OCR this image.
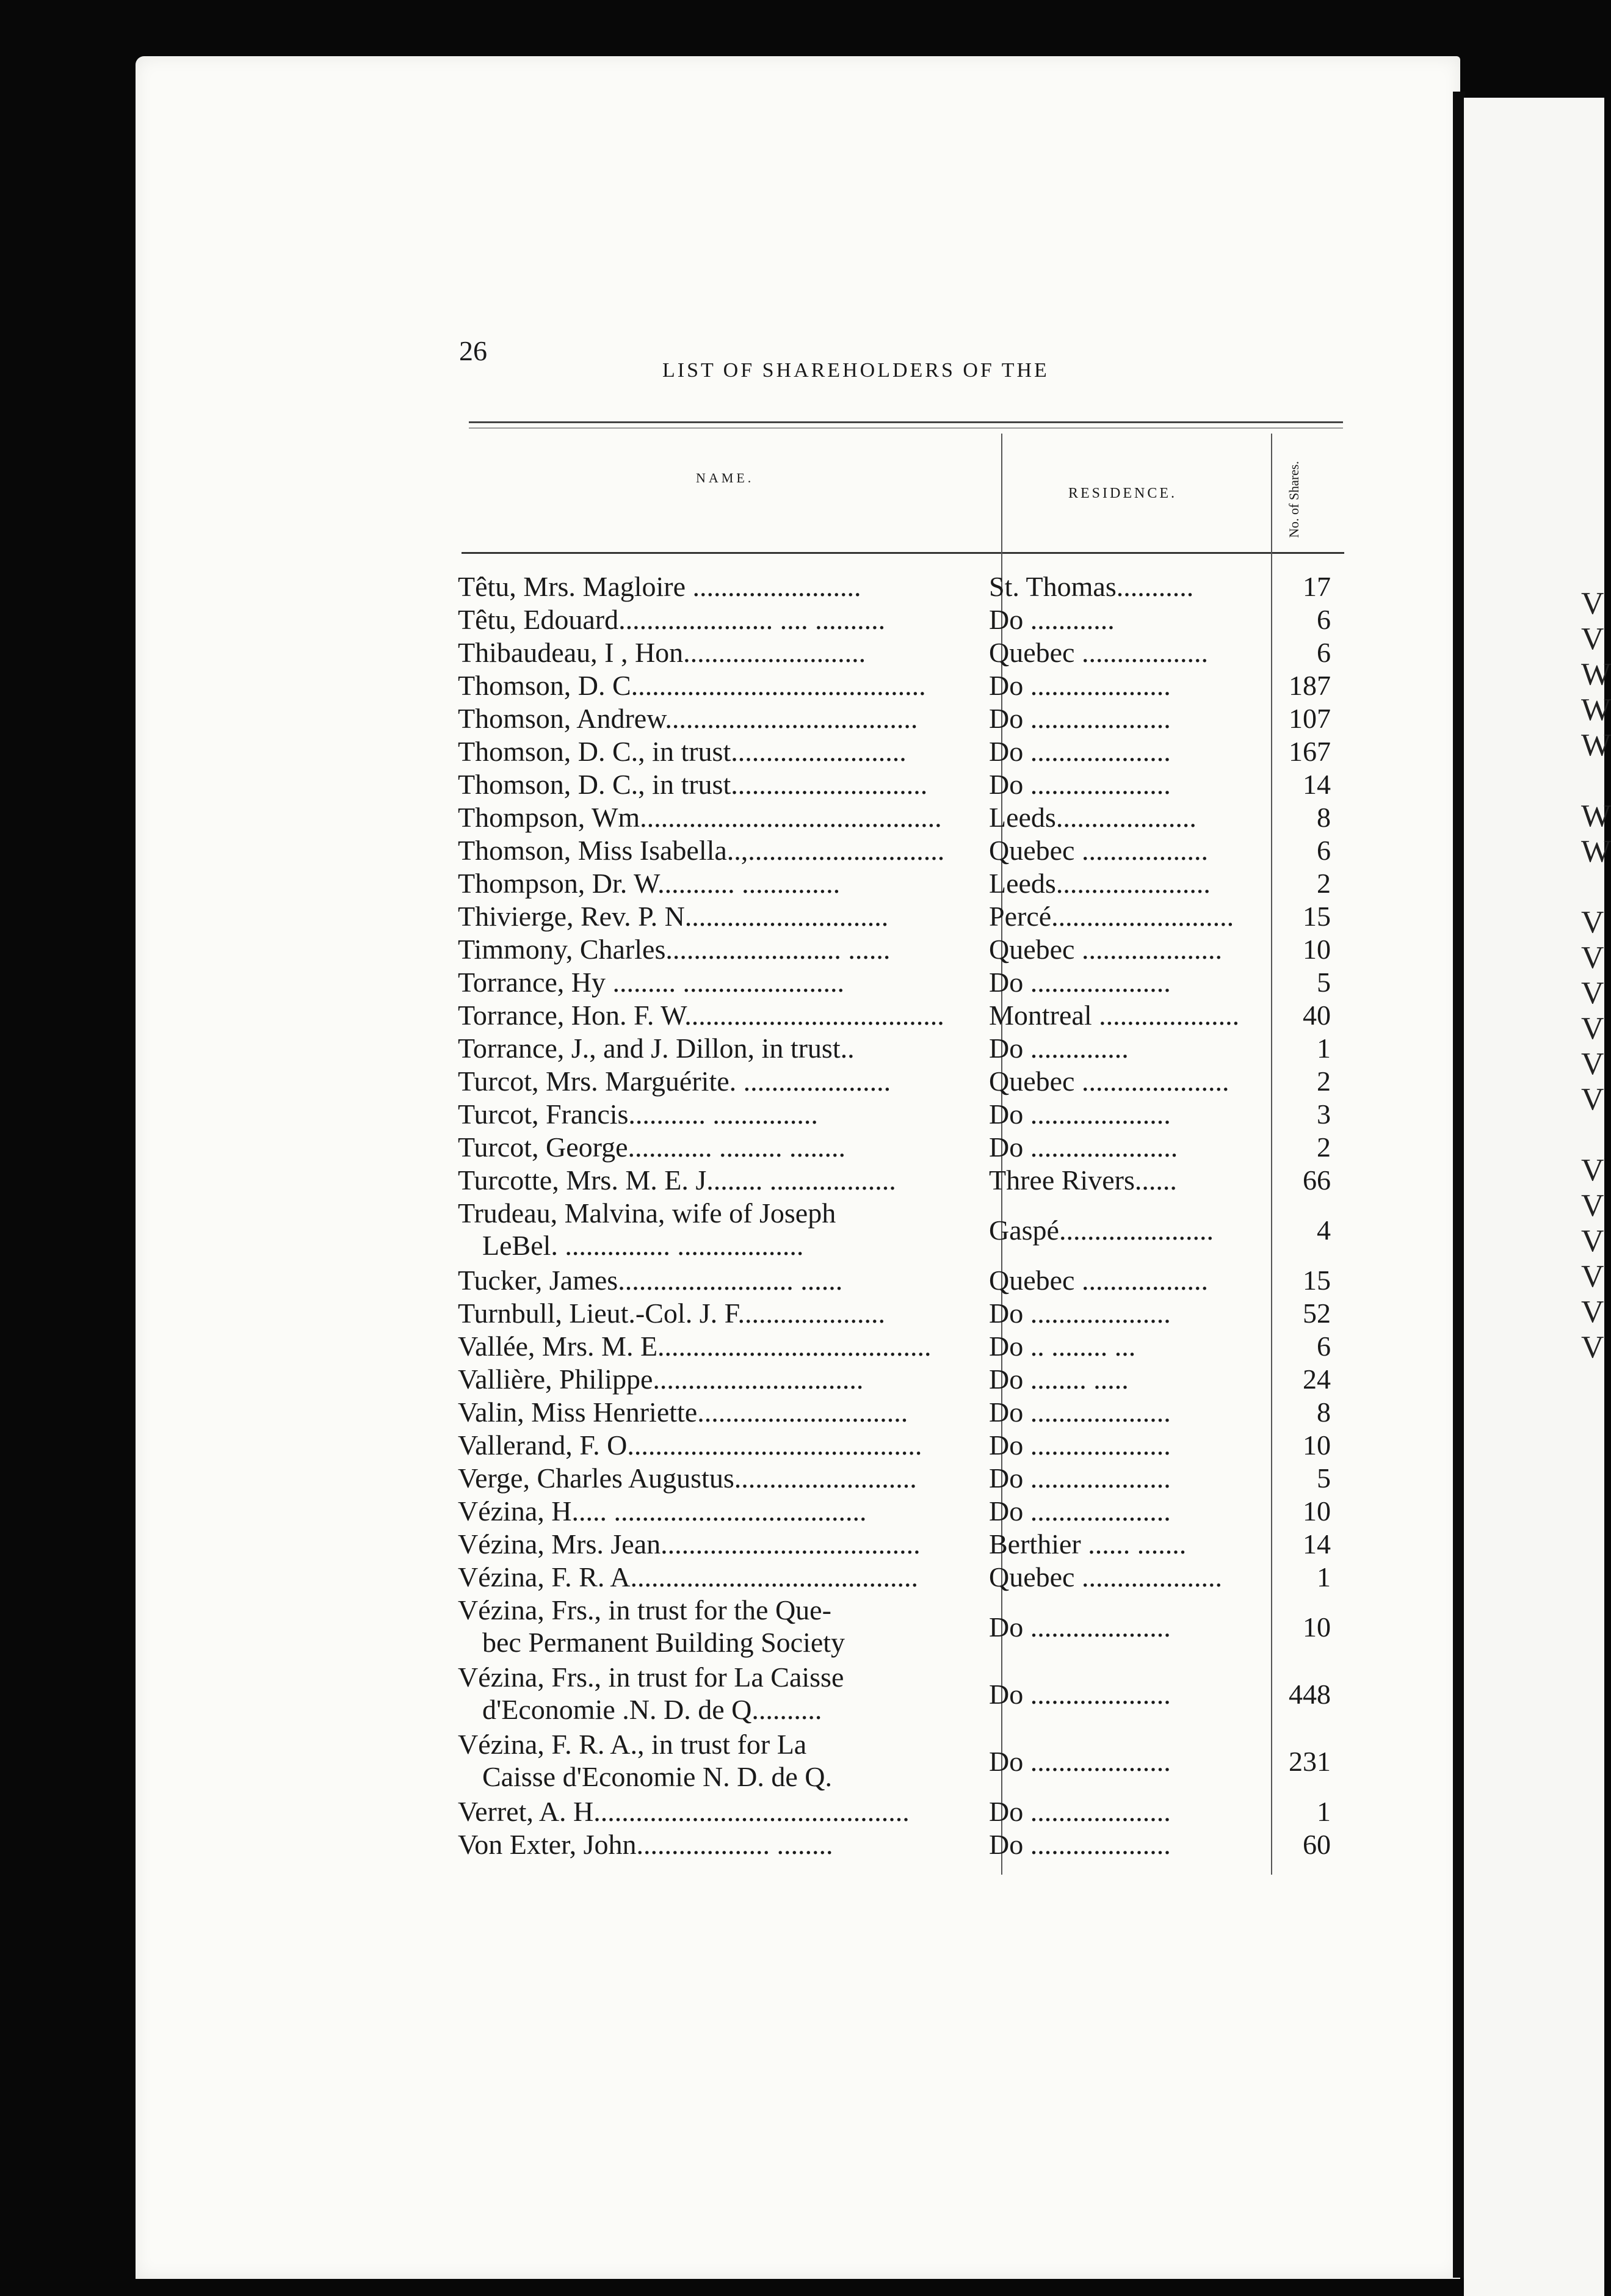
V
V
W
W
W
W
W
V
V
V
V
V
V
V
V
V
V
V
V
26
LIST OF SHAREHOLDERS OF THE
NAME.
RESIDENCE.	No. of Shares.
Têtu, Mrs. Magloire ........................	St. Thomas...........	17
Têtu, Edouard...................... .... ..........	Do ............	6
Thibaudeau, I , Hon..........................	Quebec ..................	6
Thomson, D. C..........................................	Do ....................	187
Thomson, Andrew....................................	Do ....................	107
Thomson, D. C., in trust.........................	Do ....................	167
Thomson, D. C., in trust............................	Do ....................	14
Thompson, Wm...........................................	Leeds....................	8
Thomson, Miss Isabella..,............................	Quebec ..................	6
Thompson, Dr. W........... ..............	Leeds......................	2
Thivierge, Rev. P. N.............................	Percé..........................	15
Timmony, Charles......................... ......	Quebec ....................	10
Torrance, Hy ......... .......................	Do ....................	5
Torrance, Hon. F. W.....................................	Montreal ....................	40
Torrance, J., and J. Dillon, in trust..	Do ..............	1
Turcot, Mrs. Marguérite. .....................	Quebec .....................	2
Turcot, Francis........... ...............	Do ....................	3
Turcot, George............ ......... ........	Do .....................	2
Turcotte, Mrs. M. E. J........ ..................	Three Rivers......	66
Trudeau, Malvina, wife of Joseph
LeBel. ............... ..................	Gaspé......................	4
Tucker, James......................... ......	Quebec ..................	15
Turnbull, Lieut.-Col. J. F.....................	Do ....................	52
Vallée, Mrs. M. E.......................................	Do .. ........ ...	6
Vallière, Philippe..............................	Do ........ .....	24
Valin, Miss Henriette..............................	Do ....................	8
Vallerand, F. O..........................................	Do ....................	10
Verge, Charles Augustus..........................	Do ....................	5
Vézina, H..... ....................................	Do ....................	10
Vézina, Mrs. Jean.....................................	Berthier ...... .......	14
Vézina, F. R. A.........................................	Quebec ....................	1
Vézina, Frs., in trust for the Que-
bec Permanent Building Society	Do ....................	10
Vézina, Frs., in trust for La Caisse
d'Economie .N. D. de Q..........	Do ....................	448
Vézina, F. R. A., in trust for La
Caisse d'Economie N. D. de Q.	Do ....................	231
Verret, A. H.............................................	Do ....................	1
Von Exter, John................... ........	Do ....................	60
